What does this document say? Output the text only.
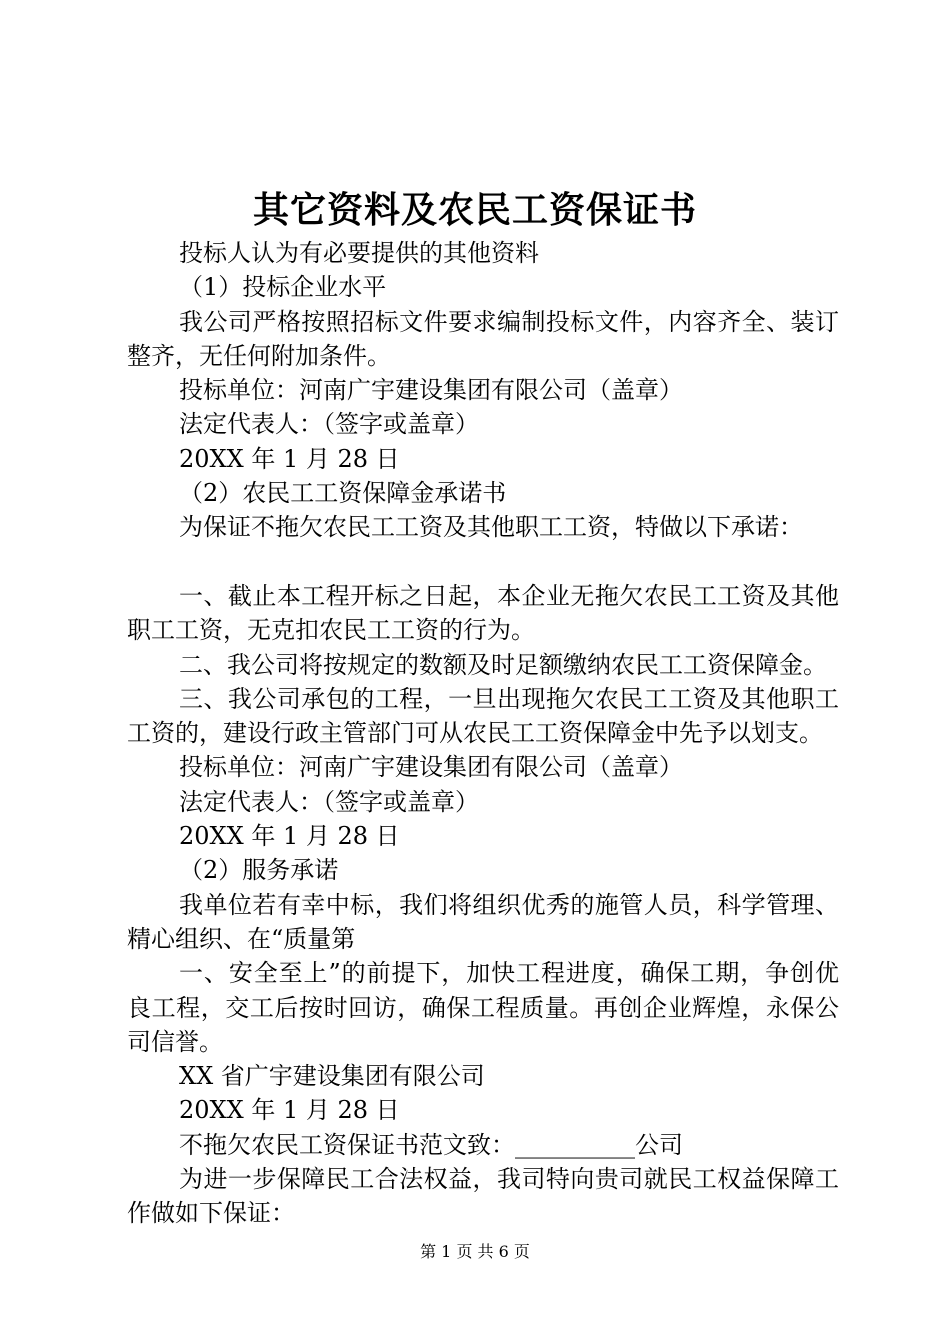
其它资料及农民工资保证书

投标人认为有必要提供的其他资料

（1）投标企业水平

我公司严格按照招标文件要求编制投标文件，内容齐全、装订整齐，无任何附加条件。

投标单位：河南广宇建设集团有限公司（盖章）

法定代表人：（签字或盖章）

20XX 年 1 月 28 日

（2）农民工工资保障金承诺书

为保证不拖欠农民工工资及其他职工工资，特做以下承诺：

一、截止本工程开标之日起，本企业无拖欠农民工工资及其他职工工资，无克扣农民工工资的行为。

二、我公司将按规定的数额及时足额缴纳农民工工资保障金。

三、我公司承包的工程，一旦出现拖欠农民工工资及其他职工工资的，建设行政主管部门可从农民工工资保障金中先予以划支。

投标单位：河南广宇建设集团有限公司（盖章）

法定代表人：（签字或盖章）

20XX 年 1 月 28 日

（2）服务承诺

我单位若有幸中标，我们将组织优秀的施管人员，科学管理、精心组织、在“质量第

一、安全至上”的前提下，加快工程进度，确保工期，争创优良工程，交工后按时回访，确保工程质量。再创企业辉煌，永保公司信誉。

XX 省广宇建设集团有限公司

20XX 年 1 月 28 日

不拖欠农民工资保证书范文致：__________公司

为进一步保障民工合法权益，我司特向贵司就民工权益保障工作做如下保证：

第 1 页 共 6 页
